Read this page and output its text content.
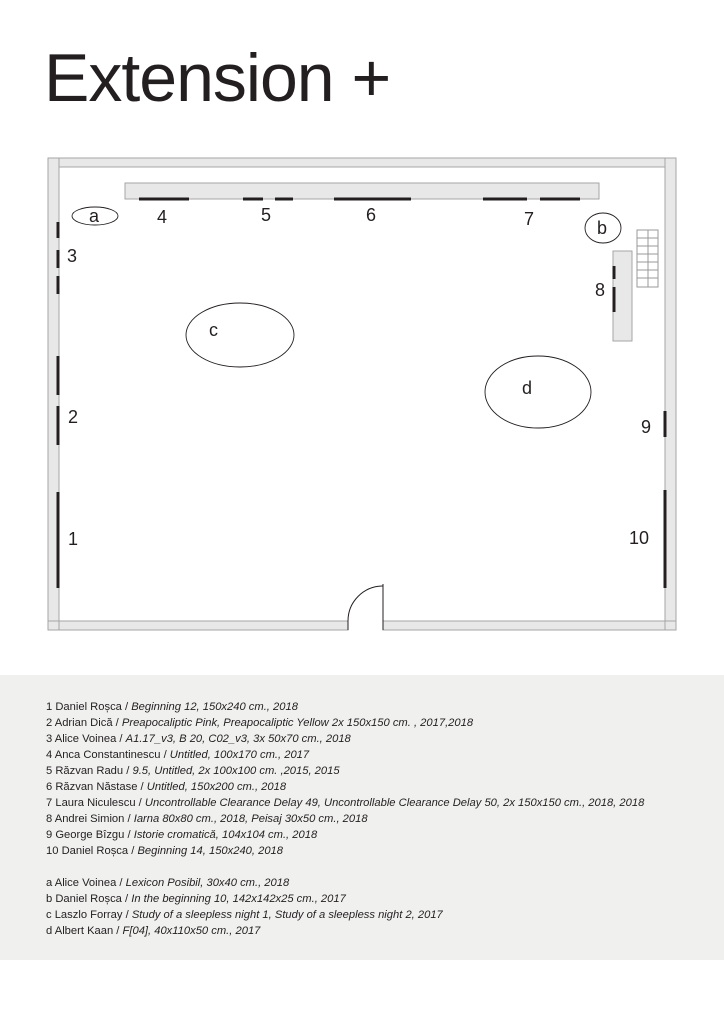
Extension +
1
2
3
4	5	6	7
8
9
10
a
b
c
d
1 Daniel Roșca / Beginning 12, 150x240 cm., 2018
2 Adrian Dică / Preapocaliptic Pink, Preapocaliptic Yellow 2x 150x150 cm. , 2017,2018
3 Alice Voinea / A1.17_v3, B 20, C02_v3, 3x 50x70 cm., 2018
4 Anca Constantinescu / Untitled, 100x170 cm., 2017
5 Răzvan Radu / 9.5, Untitled, 2x 100x100 cm. ,2015, 2015
6 Răzvan Năstase / Untitled, 150x200 cm., 2018
7 Laura Niculescu / Uncontrollable Clearance Delay 49, Uncontrollable Clearance Delay 50, 2x 150x150 cm., 2018, 2018
8 Andrei Simion / Iarna 80x80 cm., 2018, Peisaj 30x50 cm., 2018
9 George Bîzgu / Istorie cromatică, 104x104 cm., 2018
10 Daniel Roșca / Beginning 14, 150x240, 2018
a Alice Voinea / Lexicon Posibil, 30x40 cm., 2018
b Daniel Roșca / In the beginning 10, 142x142x25 cm., 2017
c Laszlo Forray / Study of a sleepless night 1, Study of a sleepless night 2, 2017
d Albert Kaan / F[04], 40x110x50 cm., 2017
